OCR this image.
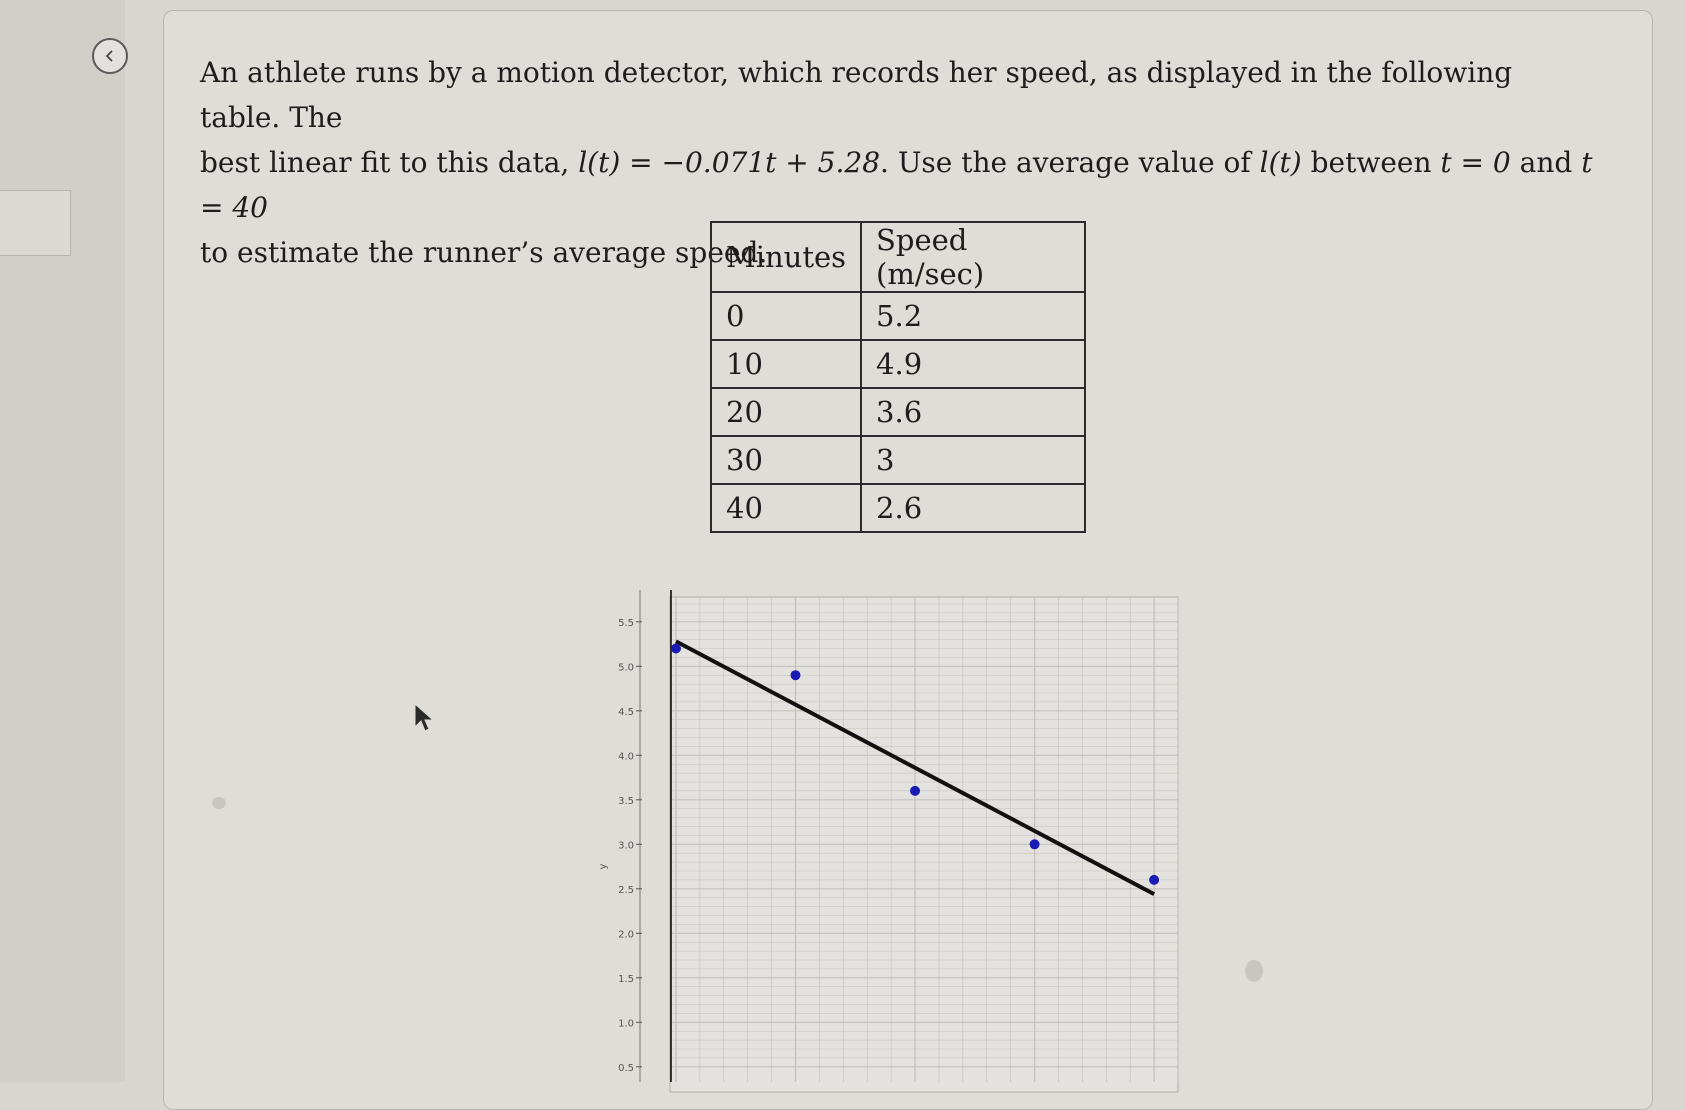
An athlete runs by a motion detector, which records her speed, as displayed in the following table. The

best linear fit to this data, l(t) = −0.071t + 5.28. Use the average value of l(t) between t = 0 and t = 40

to estimate the runner’s average speed.

Minutes	Speed (m/sec)
0	5.2
10	4.9
20	3.6
30	3
40	2.6
5.5
5.0
4.5
4.0
3.5
3.0
2.5
2.0
1.5
1.0
0.5
y
